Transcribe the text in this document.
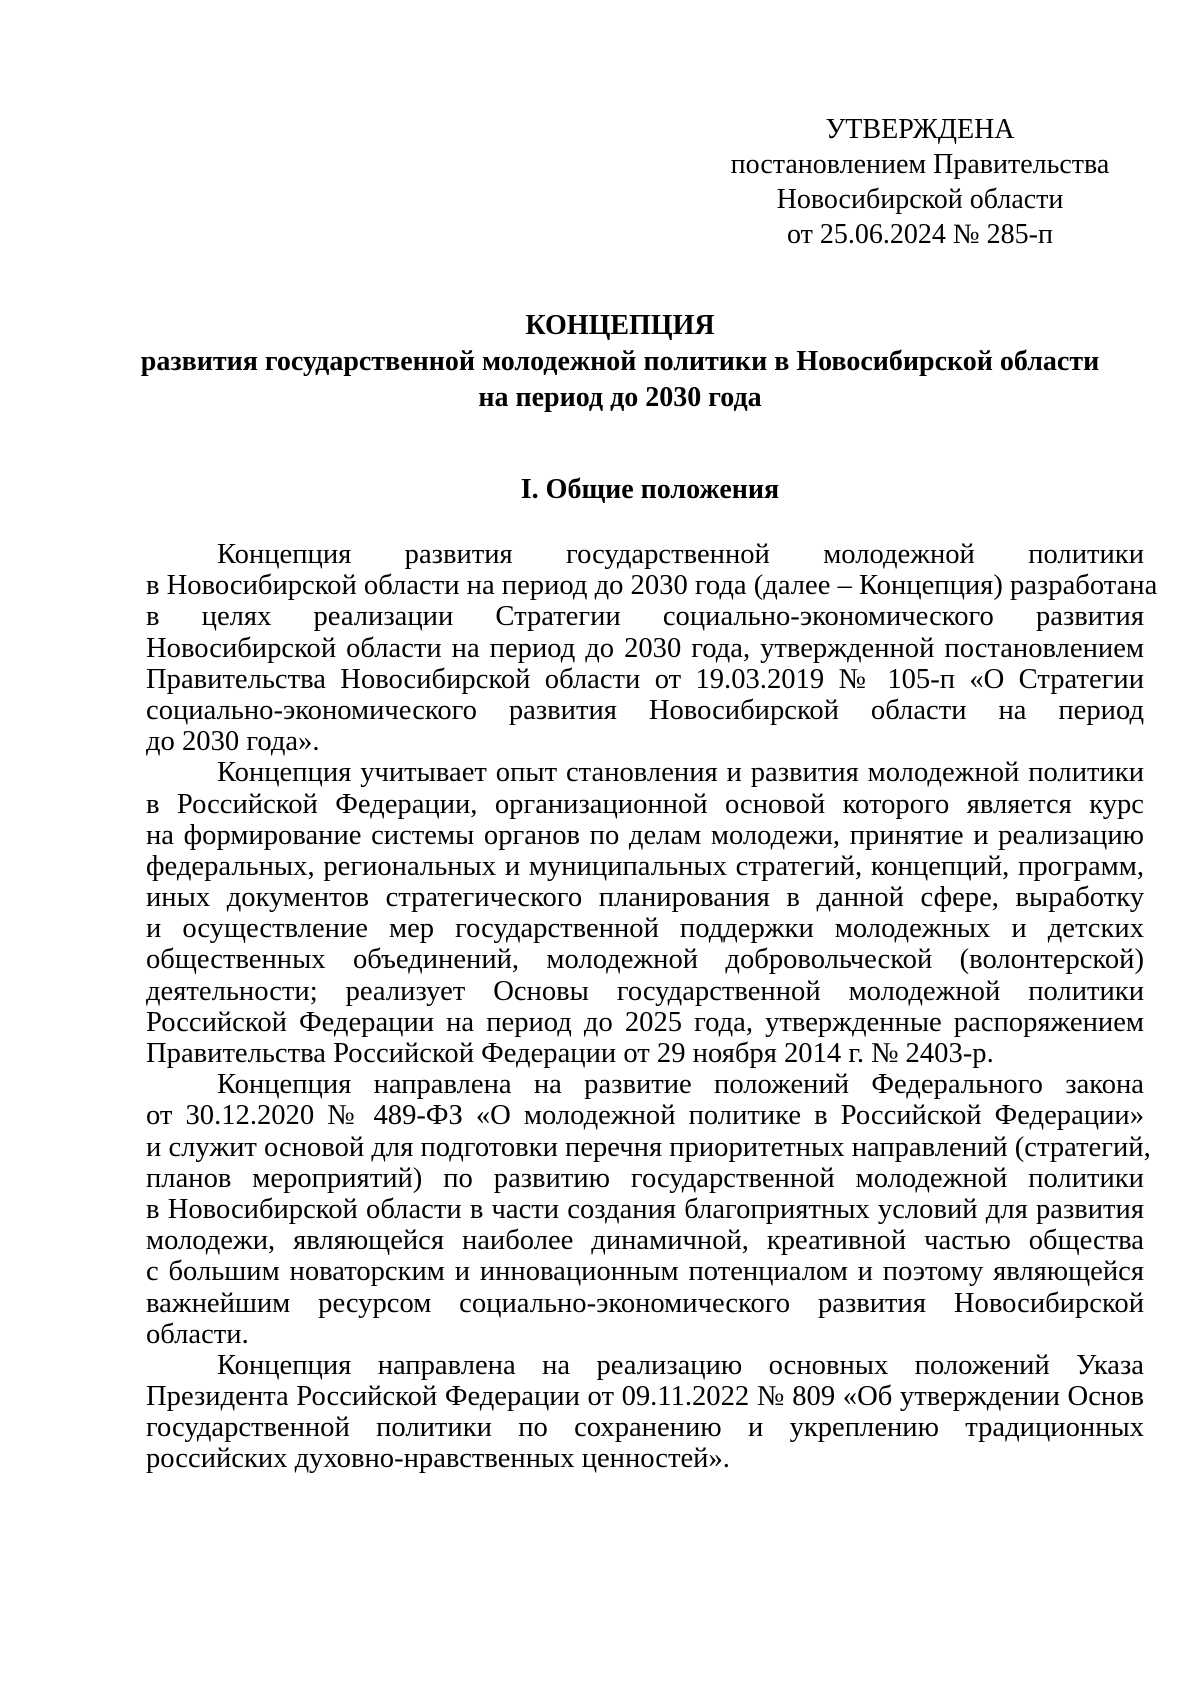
УТВЕРЖДЕНА
постановлением Правительства
Новосибирской области
от 25.06.2024 № 285-п
КОНЦЕПЦИЯ
развития государственной молодежной политики в Новосибирской области
на период до 2030 года
I. Общие положения
Концепция развития государственной молодежной политики
в Новосибирской области на период до 2030 года (далее – Концепция) разработана
в целях реализации Стратегии социально-экономического развития
Новосибирской области на период до 2030 года, утвержденной постановлением
Правительства Новосибирской области от 19.03.2019 № 105-п «О Стратегии
социально-экономического развития Новосибирской области на период
до 2030 года».
Концепция учитывает опыт становления и развития молодежной политики
в Российской Федерации, организационной основой которого является курс
на формирование системы органов по делам молодежи, принятие и реализацию
федеральных, региональных и муниципальных стратегий, концепций, программ,
иных документов стратегического планирования в данной сфере, выработку
и осуществление мер государственной поддержки молодежных и детских
общественных объединений, молодежной добровольческой (волонтерской)
деятельности; реализует Основы государственной молодежной политики
Российской Федерации на период до 2025 года, утвержденные распоряжением
Правительства Российской Федерации от 29 ноября 2014 г. № 2403-р.
Концепция направлена на развитие положений Федерального закона
от 30.12.2020 № 489-ФЗ «О молодежной политике в Российской Федерации»
и служит основой для подготовки перечня приоритетных направлений (стратегий,
планов мероприятий) по развитию государственной молодежной политики
в Новосибирской области в части создания благоприятных условий для развития
молодежи, являющейся наиболее динамичной, креативной частью общества
с большим новаторским и инновационным потенциалом и поэтому являющейся
важнейшим ресурсом социально-экономического развития Новосибирской
области.
Концепция направлена на реализацию основных положений Указа
Президента Российской Федерации от 09.11.2022 № 809 «Об утверждении Основ
государственной политики по сохранению и укреплению традиционных
российских духовно-нравственных ценностей».
